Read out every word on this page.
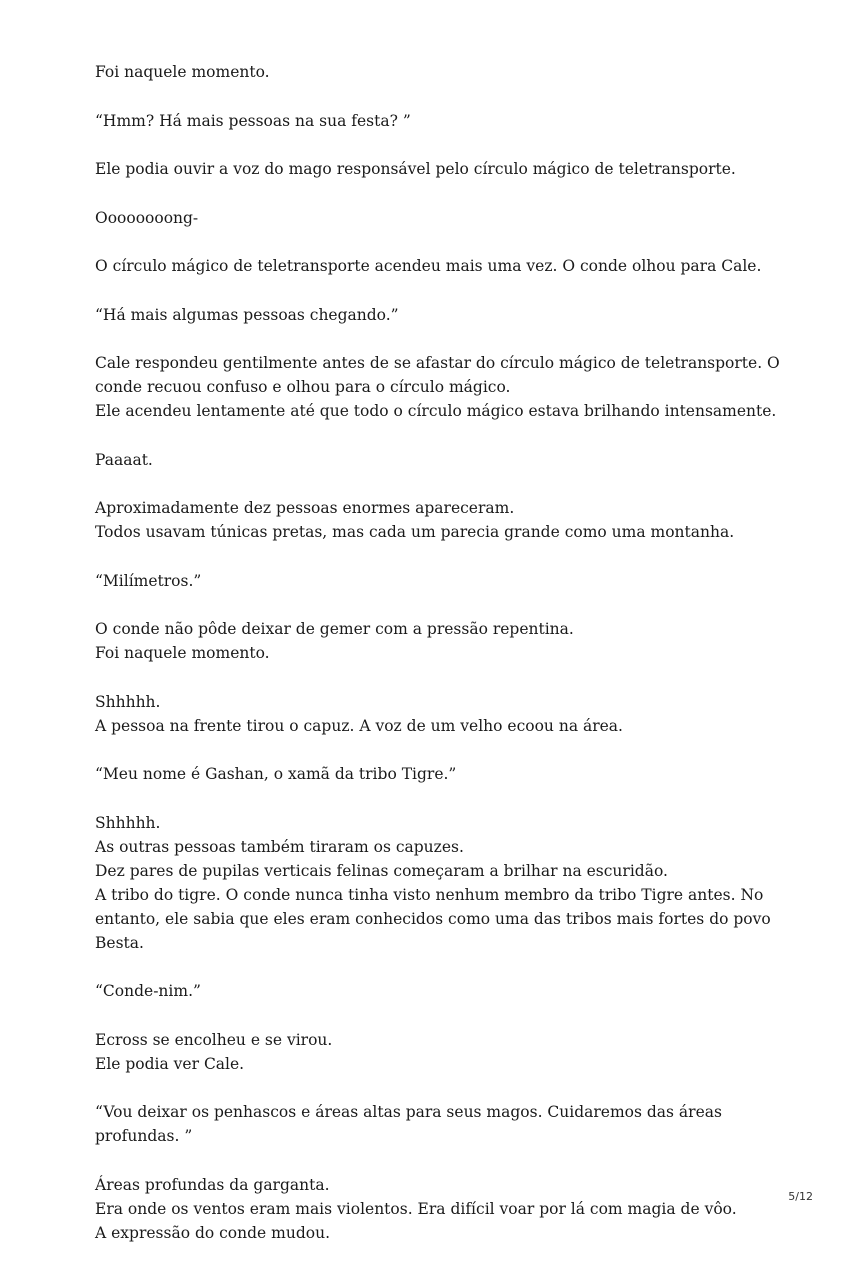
Foi naquele momento.

“Hmm? Há mais pessoas na sua festa? ”

Ele podia ouvir a voz do mago responsável pelo círculo mágico de teletransporte.

Oooooooong-

O círculo mágico de teletransporte acendeu mais uma vez. O conde olhou para Cale.

“Há mais algumas pessoas chegando.”

Cale respondeu gentilmente antes de se afastar do círculo mágico de teletransporte. O conde recuou confuso e olhou para o círculo mágico.
Ele acendeu lentamente até que todo o círculo mágico estava brilhando intensamente.

Paaaat.

Aproximadamente dez pessoas enormes apareceram.
Todos usavam túnicas pretas, mas cada um parecia grande como uma montanha.

“Milímetros.”

O conde não pôde deixar de gemer com a pressão repentina.
Foi naquele momento.

Shhhhh.
A pessoa na frente tirou o capuz. A voz de um velho ecoou na área.

“Meu nome é Gashan, o xamã da tribo Tigre.”

Shhhhh.
As outras pessoas também tiraram os capuzes.
Dez pares de pupilas verticais felinas começaram a brilhar na escuridão.
A tribo do tigre. O conde nunca tinha visto nenhum membro da tribo Tigre antes. No entanto, ele sabia que eles eram conhecidos como uma das tribos mais fortes do povo Besta.

“Conde-nim.”

Ecross se encolheu e se virou.
Ele podia ver Cale.

“Vou deixar os penhascos e áreas altas para seus magos. Cuidaremos das áreas profundas. ”

Áreas profundas da garganta.
Era onde os ventos eram mais violentos. Era difícil voar por lá com magia de vôo.
A expressão do conde mudou.

5/12
